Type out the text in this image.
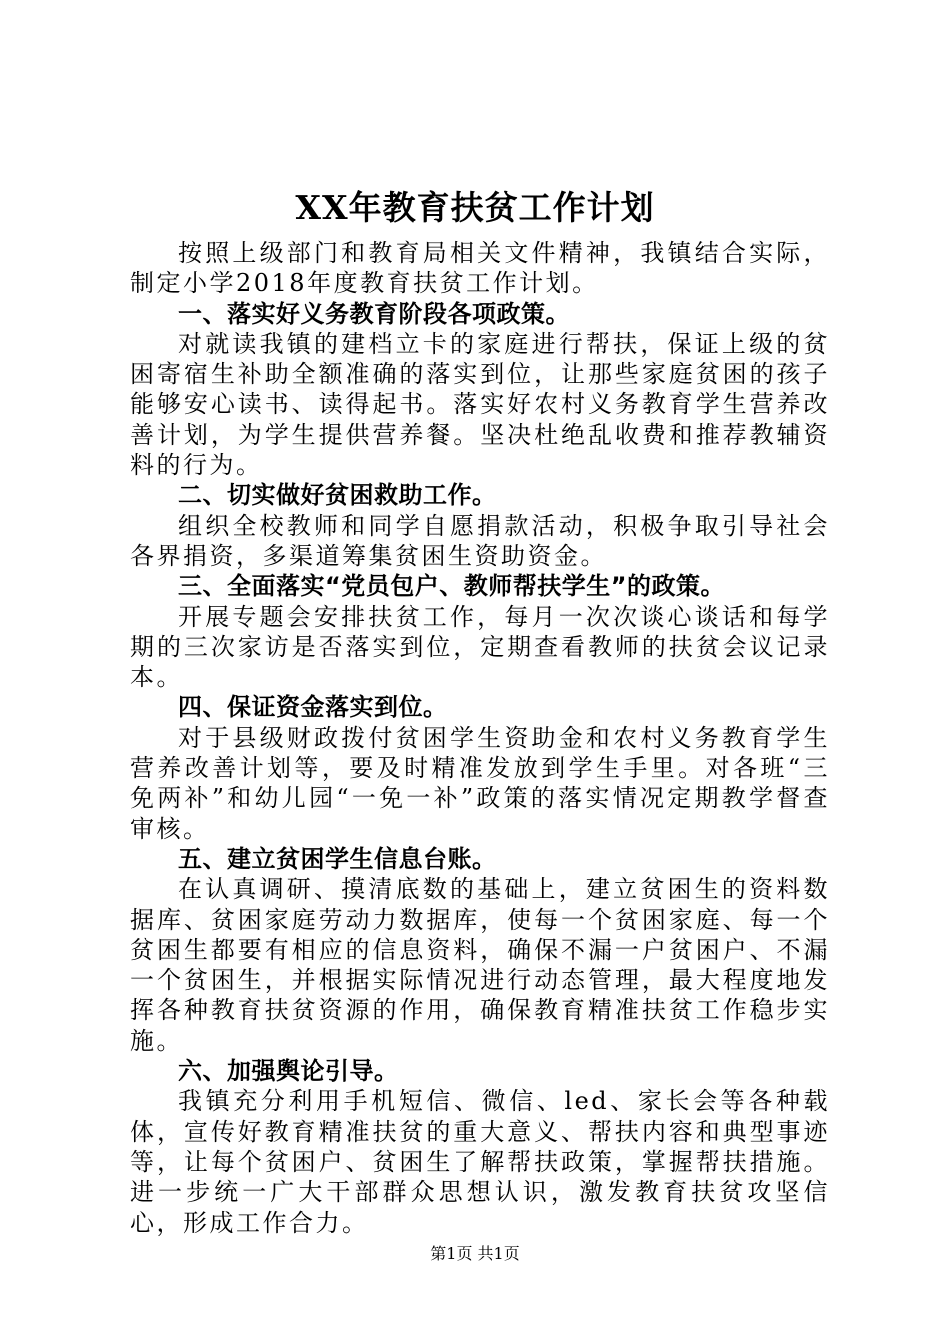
XX年教育扶贫工作计划

按照上级部门和教育局相关文件精神，我镇结合实际，制定小学2018年度教育扶贫工作计划。

一、落实好义务教育阶段各项政策。

对就读我镇的建档立卡的家庭进行帮扶，保证上级的贫困寄宿生补助全额准确的落实到位，让那些家庭贫困的孩子能够安心读书、读得起书。落实好农村义务教育学生营养改善计划，为学生提供营养餐。坚决杜绝乱收费和推荐教辅资料的行为。

二、切实做好贫困救助工作。

组织全校教师和同学自愿捐款活动，积极争取引导社会各界捐资，多渠道筹集贫困生资助资金。

三、全面落实“党员包户、教师帮扶学生”的政策。

开展专题会安排扶贫工作，每月一次次谈心谈话和每学期的三次家访是否落实到位，定期查看教师的扶贫会议记录本。

四、保证资金落实到位。

对于县级财政拨付贫困学生资助金和农村义务教育学生营养改善计划等，要及时精准发放到学生手里。对各班“三免两补”和幼儿园“一免一补”政策的落实情况定期教学督查审核。

五、建立贫困学生信息台账。

在认真调研、摸清底数的基础上，建立贫困生的资料数据库、贫困家庭劳动力数据库，使每一个贫困家庭、每一个贫困生都要有相应的信息资料，确保不漏一户贫困户、不漏一个贫困生，并根据实际情况进行动态管理，最大程度地发挥各种教育扶贫资源的作用，确保教育精准扶贫工作稳步实施。

六、加强舆论引导。

我镇充分利用手机短信、微信、led、家长会等各种载体，宣传好教育精准扶贫的重大意义、帮扶内容和典型事迹等，让每个贫困户、贫困生了解帮扶政策，掌握帮扶措施。进一步统一广大干部群众思想认识，激发教育扶贫攻坚信心，形成工作合力。

第1页 共1页
